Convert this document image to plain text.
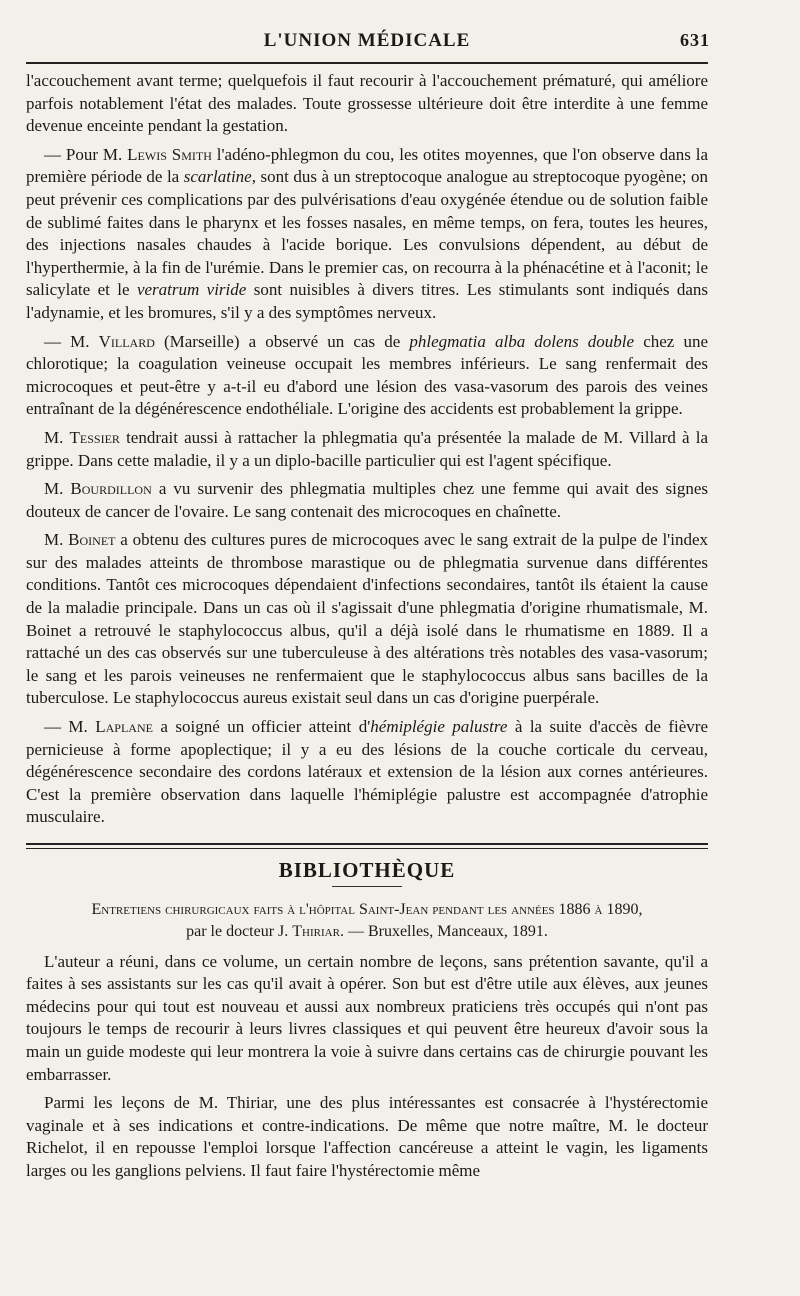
L'UNION MÉDICALE	631

l'accouchement avant terme; quelquefois il faut recourir à l'accouchement prématuré, qui améliore parfois notablement l'état des malades. Toute grossesse ultérieure doit être interdite à une femme devenue enceinte pendant la gestation.

— Pour M. Lewis Smith l'adéno-phlegmon du cou, les otites moyennes, que l'on observe dans la première période de la scarlatine, sont dus à un streptocoque analogue au streptocoque pyogène; on peut prévenir ces complications par des pulvérisations d'eau oxygénée étendue ou de solution faible de sublimé faites dans le pharynx et les fosses nasales, en même temps, on fera, toutes les heures, des injections nasales chaudes à l'acide borique. Les convulsions dépendent, au début de l'hyperthermie, à la fin de l'urémie. Dans le premier cas, on recourra à la phénacétine et à l'aconit; le salicylate et le veratrum viride sont nuisibles à divers titres. Les stimulants sont indiqués dans l'adynamie, et les bromures, s'il y a des symptômes nerveux.

— M. Villard (Marseille) a observé un cas de phlegmatia alba dolens double chez une chlorotique; la coagulation veineuse occupait les membres inférieurs. Le sang renfermait des microcoques et peut-être y a-t-il eu d'abord une lésion des vasa-vasorum des parois des veines entraînant de la dégénérescence endothéliale. L'origine des accidents est probablement la grippe.

M. Tessier tendrait aussi à rattacher la phlegmatia qu'a présentée la malade de M. Villard à la grippe. Dans cette maladie, il y a un diplo-bacille particulier qui est l'agent spécifique.

M. Bourdillon a vu survenir des phlegmatia multiples chez une femme qui avait des signes douteux de cancer de l'ovaire. Le sang contenait des microcoques en chaînette.

M. Boinet a obtenu des cultures pures de microcoques avec le sang extrait de la pulpe de l'index sur des malades atteints de thrombose marastique ou de phlegmatia survenue dans différentes conditions. Tantôt ces microcoques dépendaient d'infections secondaires, tantôt ils étaient la cause de la maladie principale. Dans un cas où il s'agissait d'une phlegmatia d'origine rhumatismale, M. Boinet a retrouvé le staphylococcus albus, qu'il a déjà isolé dans le rhumatisme en 1889. Il a rattaché un des cas observés sur une tuberculeuse à des altérations très notables des vasa-vasorum; le sang et les parois veineuses ne renfermaient que le staphylococcus albus sans bacilles de la tuberculose. Le staphylococcus aureus existait seul dans un cas d'origine puerpérale.

— M. Laplane a soigné un officier atteint d'hémiplégie palustre à la suite d'accès de fièvre pernicieuse à forme apoplectique; il y a eu des lésions de la couche corticale du cerveau, dégénérescence secondaire des cordons latéraux et extension de la lésion aux cornes antérieures. C'est la première observation dans laquelle l'hémiplégie palustre est accompagnée d'atrophie musculaire.

BIBLIOTHÈQUE
Entretiens chirurgicaux faits à l'hôpital Saint-Jean pendant les années 1886 à 1890,
par le docteur J. Thiriar. — Bruxelles, Manceaux, 1891.

L'auteur a réuni, dans ce volume, un certain nombre de leçons, sans prétention savante, qu'il a faites à ses assistants sur les cas qu'il avait à opérer. Son but est d'être utile aux élèves, aux jeunes médecins pour qui tout est nouveau et aussi aux nombreux praticiens très occupés qui n'ont pas toujours le temps de recourir à leurs livres classiques et qui peuvent être heureux d'avoir sous la main un guide modeste qui leur montrera la voie à suivre dans certains cas de chirurgie pouvant les embarrasser.

Parmi les leçons de M. Thiriar, une des plus intéressantes est consacrée à l'hystérectomie vaginale et à ses indications et contre-indications. De même que notre maître, M. le docteur Richelot, il en repousse l'emploi lorsque l'affection cancéreuse a atteint le vagin, les ligaments larges ou les ganglions pelviens. Il faut faire l'hystérectomie même
